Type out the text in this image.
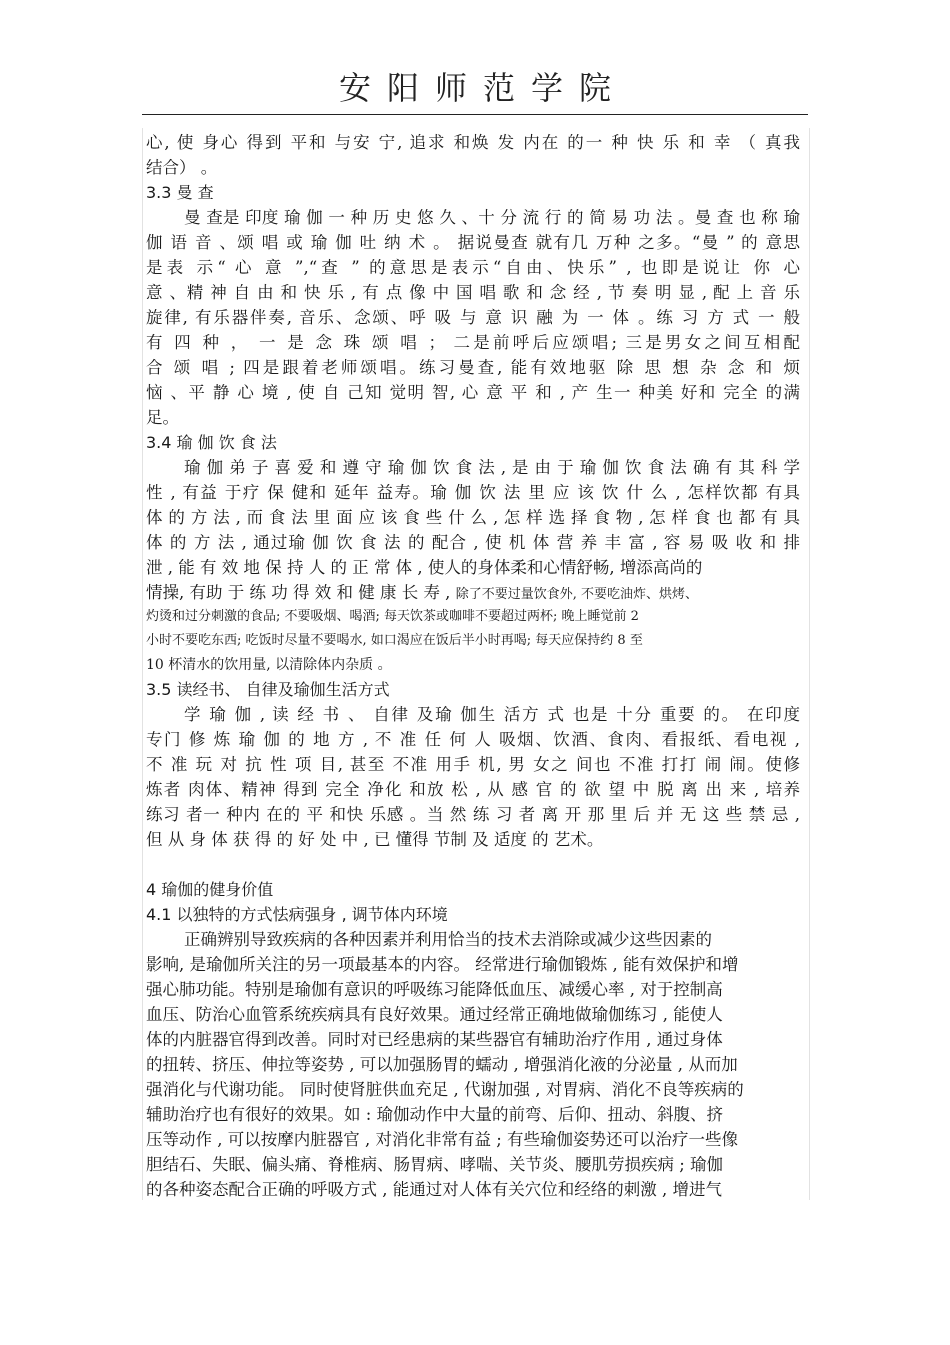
安阳师范学院
心, 使 身心 得到 平和 与安 宁, 追求 和焕 发 内在 的一 种 快 乐 和 幸 （ 真我
结合） 。
3.3 曼 查
曼 查是 印度 瑜 伽 一 种 历 史 悠 久 、十 分 流 行 的 简 易 功 法 。曼 查 也 称 瑜
伽 语 音 、颂 唱 或 瑜 伽 吐 纳 术 。 据说曼查 就有几 万种 之多。“曼 ” 的 意思
是表 示“ 心 意 ”,“查 ” 的意思是表示“自由、快乐” , 也即是说让 你 心
意 、精 神 自 由 和 快 乐 , 有 点 像 中 国 唱 歌 和 念 经 , 节 奏 明 显 , 配 上 音 乐
旋律, 有乐器伴奏, 音乐、念颂、呼 吸 与 意 识 融 为 一 体 。练 习 方 式 一 般
有 四 种 ， 一 是 念 珠 颂 唱 ； 二是前呼后应颂唱; 三是男女之间互相配
合 颂 唱 ; 四是跟着老师颂唱。练习曼查, 能有效地驱 除 思 想 杂 念 和 烦
恼 、平 静 心 境 , 使 自 己知 觉明 智, 心 意 平 和 , 产 生一 种美 好和 完全 的满
足。
3.4 瑜 伽 饮 食 法
瑜 伽 弟 子 喜 爱 和 遵 守 瑜 伽 饮 食 法 , 是 由 于 瑜 伽 饮 食 法 确 有 其 科 学
性 , 有益 于疗 保 健和 延年 益寿。瑜 伽 饮 法 里 应 该 饮 什 么 , 怎样饮都 有具
体 的 方 法 , 而 食 法 里 面 应 该 食 些 什 么 , 怎 样 选 择 食 物 , 怎 样 食 也 都 有 具
体 的 方 法 , 通过瑜 伽 饮 食 法 的 配合 , 使 机 体 营 养 丰 富 , 容 易 吸 收 和 排
泄 , 能 有 效 地 保 持 人 的 正 常 体 , 使人的身体柔和心情舒畅, 增添高尚的
情操, 有助 于 练 功 得 效 和 健 康 长 寿 , 除了不要过量饮食外, 不要吃油炸、烘烤、
灼烫和过分刺激的食品; 不要吸烟、喝酒; 每天饮茶或咖啡不要超过两杯; 晚上睡觉前 2
小时不要吃东西; 吃饭时尽量不要喝水, 如口渴应在饭后半小时再喝; 每天应保持约 8 至
10 杯清水的饮用量, 以清除体内杂质 。
3.5 读经书、 自律及瑜伽生活方式
学 瑜 伽 , 读 经 书 、 自律 及瑜 伽生 活方 式 也是 十分 重要 的。 在印度
专门 修 炼 瑜 伽 的 地 方 , 不 准 任 何 人 吸烟、饮酒、食肉、看报纸、看电视 ,
不 准 玩 对 抗 性 项 目, 甚至 不准 用手 机, 男 女之 间也 不准 打打 闹 闹。使修
炼者 肉体、精神 得到 完全 净化 和放 松 , 从 感 官 的 欲 望 中 脱 离 出 来 , 培养
练习 者一 种内 在的 平 和快 乐感 。当 然 练 习 者 离 开 那 里 后 并 无 这 些 禁 忌 ,
但 从 身 体 获 得 的 好 处 中 , 已 懂得 节制 及 适度 的 艺术。
4 瑜伽的健身价值
4.1 以独特的方式怯病强身 , 调节体内环境
正确辨别导致疾病的各种因素并利用恰当的技术去消除或减少这些因素的
影响, 是瑜伽所关注的另一项最基本的内容。 经常进行瑜伽锻炼 , 能有效保护和增
强心肺功能。特别是瑜伽有意识的呼吸练习能降低血压、减缓心率 , 对于控制高
血压、防治心血管系统疾病具有良好效果。通过经常正确地做瑜伽练习 , 能使人
体的内脏器官得到改善。同时对已经患病的某些器官有辅助治疗作用 , 通过身体
的扭转、挤压、伸拉等姿势 , 可以加强肠胃的蠕动 , 增强消化液的分泌量 , 从而加
强消化与代谢功能。 同时使肾脏供血充足 , 代谢加强 , 对胃病、消化不良等疾病的
辅助治疗也有很好的效果。如 : 瑜伽动作中大量的前弯、后仰、扭动、斜腹、挤
压等动作 , 可以按摩内脏器官 , 对消化非常有益 ; 有些瑜伽姿势还可以治疗一些像
胆结石、失眠、偏头痛、脊椎病、肠胃病、哮喘、关节炎、腰肌劳损疾病 ; 瑜伽
的各种姿态配合正确的呼吸方式 , 能通过对人体有关穴位和经络的刺激 , 增进气
